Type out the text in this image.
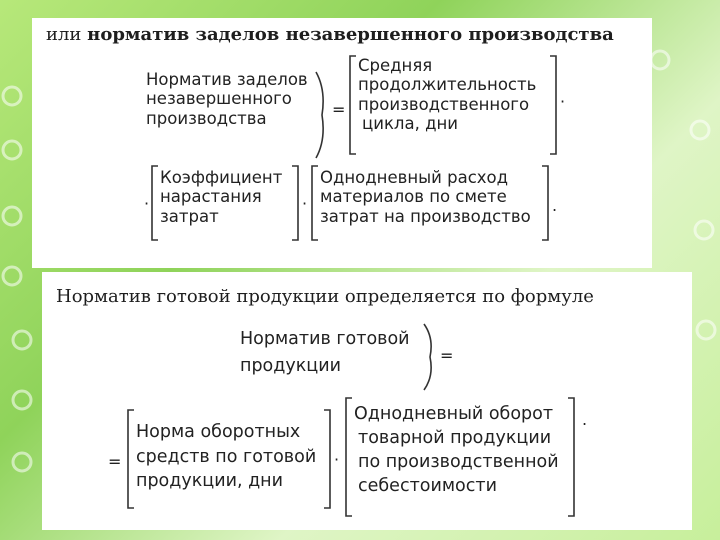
или норматив заделов незавершенного производства
Норматив заделов
незавершенного
производства	=
Средняя
продолжительность
производственного
цикла, дни
·
·
Коэффициент
нарастания
затрат
·
Однодневный расход
материалов по смете
затрат на производство
.
Норматив готовой продукции определяется по формуле
Норматив готовой
продукции
=
=
Норма оборотных
средств по готовой
продукции, дни
·
Однодневный оборот
товарной продукции
по производственной
себестоимости
.
